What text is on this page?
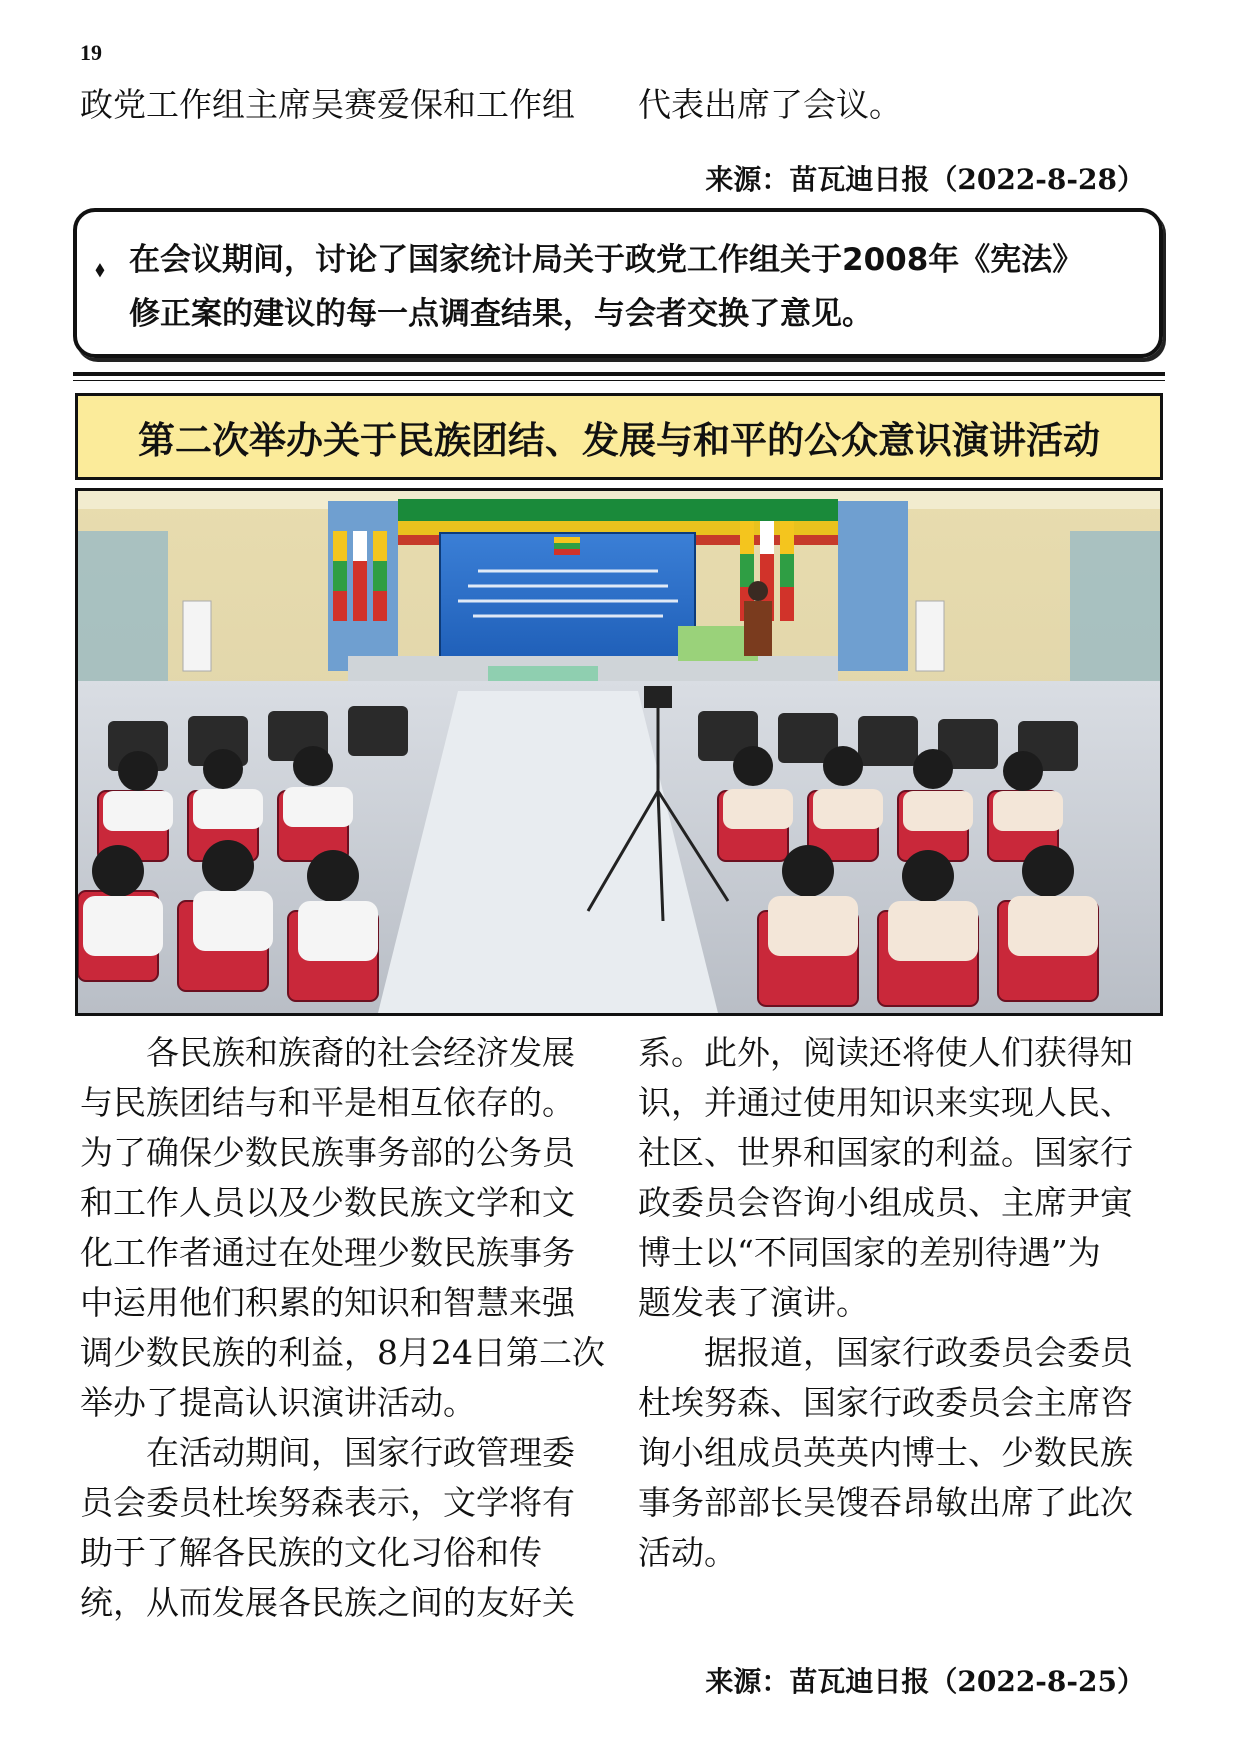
19
政党工作组主席吴赛爱保和工作组 代表出席了会议。
来源：苗瓦迪日报（2022-8-28）
⬧ 在会议期间，讨论了国家统计局关于政党工作组关于2008年《宪法》
修正案的建议的每一点调查结果，与会者交换了意见。
第二次举办关于民族团结、发展与和平的公众意识演讲活动

　　各民族和族裔的社会经济发展

与民族团结与和平是相互依存的。

为了确保少数民族事务部的公务员

和工作人员以及少数民族文学和文

化工作者通过在处理少数民族事务

中运用他们积累的知识和智慧来强

调少数民族的利益，8月24日第二次

举办了提高认识演讲活动。

　　在活动期间，国家行政管理委

员会委员杜埃努森表示，文学将有

助于了解各民族的文化习俗和传

统，从而发展各民族之间的友好关

系。此外，阅读还将使人们获得知

识，并通过使用知识来实现人民、

社区、世界和国家的利益。国家行

政委员会咨询小组成员、主席尹寅

博士以“不同国家的差别待遇”为

题发表了演讲。

　　据报道，国家行政委员会委员

杜埃努森、国家行政委员会主席咨

询小组成员英英内博士、少数民族

事务部部长吴馊吞昂敏出席了此次

活动。

来源：苗瓦迪日报（2022-8-25）
